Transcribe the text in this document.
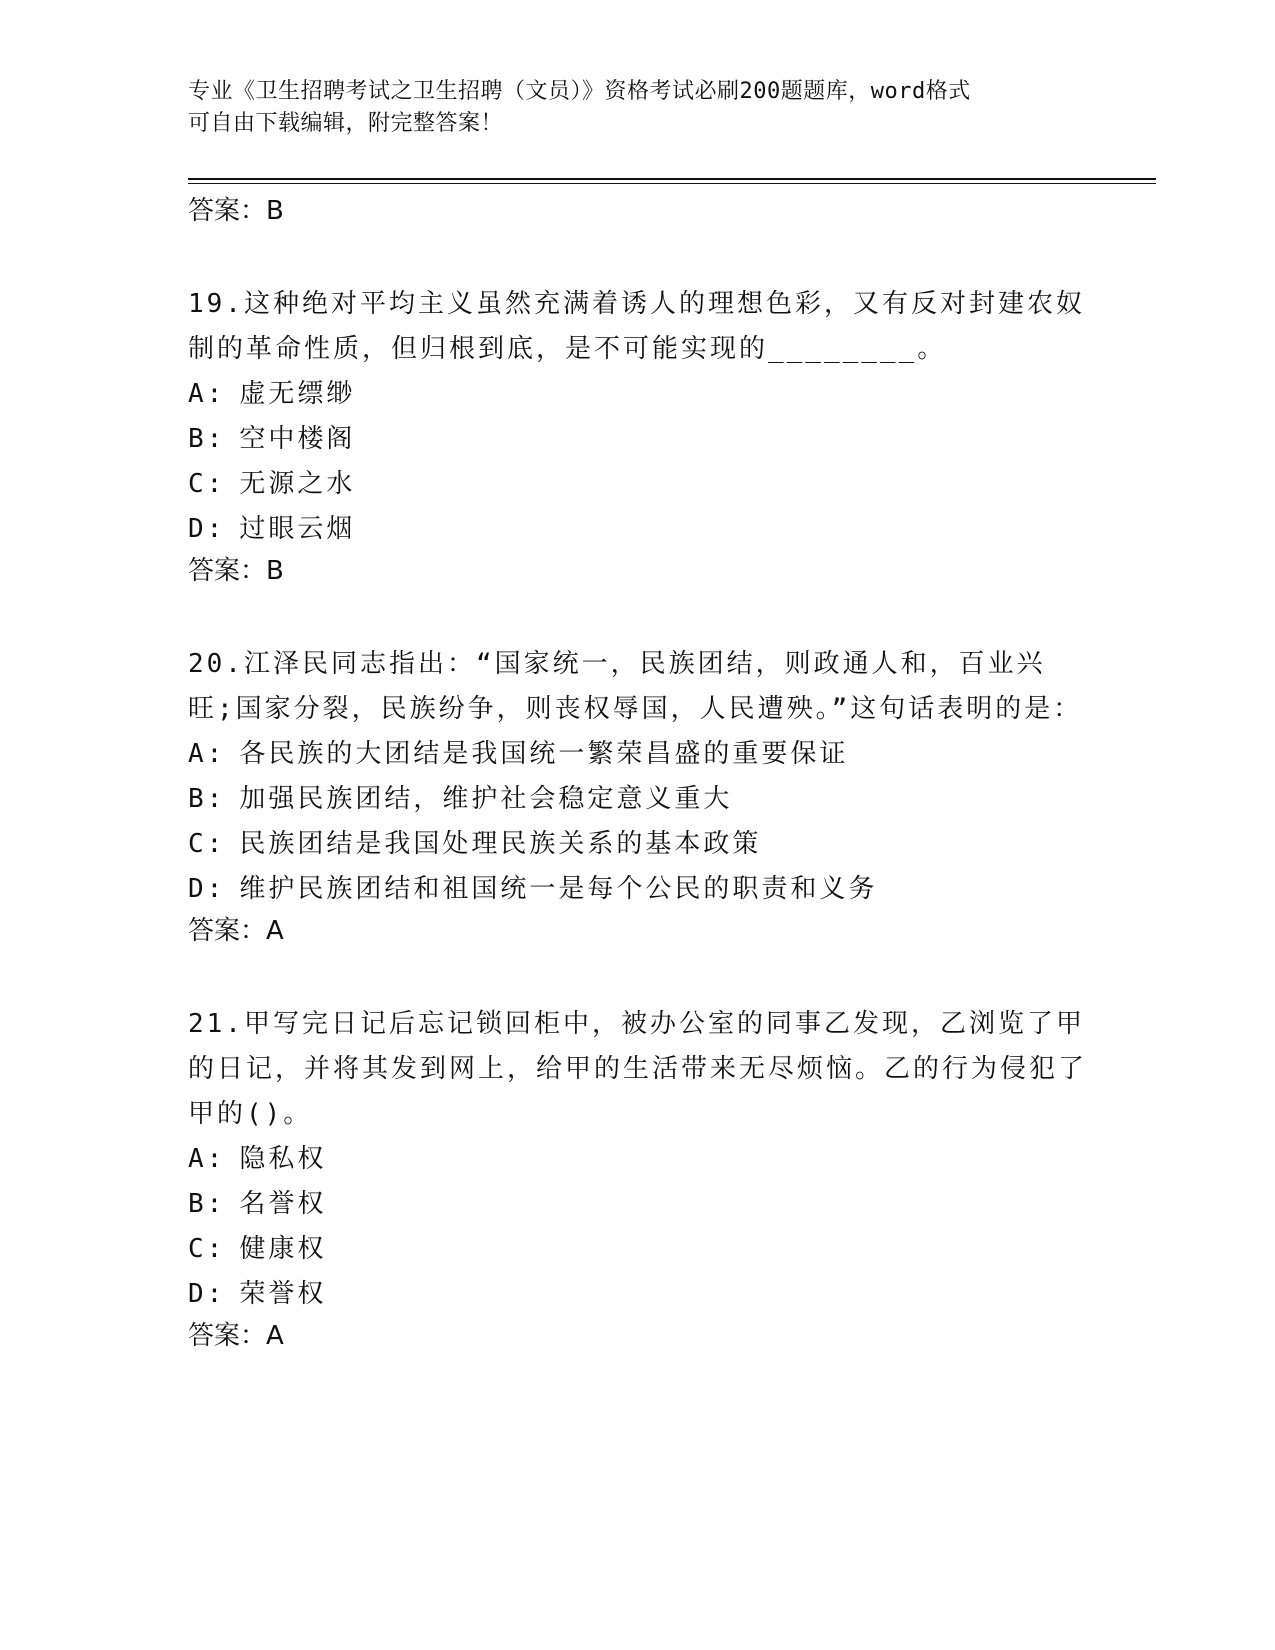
专业《卫生招聘考试之卫生招聘（文员）》资格考试必刷200题题库，word格式
可自由下载编辑，附完整答案！

答案：B

19.这种绝对平均主义虽然充满着诱人的理想色彩，又有反对封建农奴制的革命性质，但归根到底，是不可能实现的________。

A: 虚无缥缈

B: 空中楼阁

C: 无源之水

D: 过眼云烟

答案：B

20.江泽民同志指出：“国家统一，民族团结，则政通人和，百业兴旺;国家分裂，民族纷争，则丧权辱国，人民遭殃。”这句话表明的是：

A: 各民族的大团结是我国统一繁荣昌盛的重要保证

B: 加强民族团结，维护社会稳定意义重大

C: 民族团结是我国处理民族关系的基本政策

D: 维护民族团结和祖国统一是每个公民的职责和义务

答案：A

21.甲写完日记后忘记锁回柜中，被办公室的同事乙发现，乙浏览了甲的日记，并将其发到网上，给甲的生活带来无尽烦恼。乙的行为侵犯了甲的()。

A: 隐私权

B: 名誉权

C: 健康权

D: 荣誉权

答案：A
